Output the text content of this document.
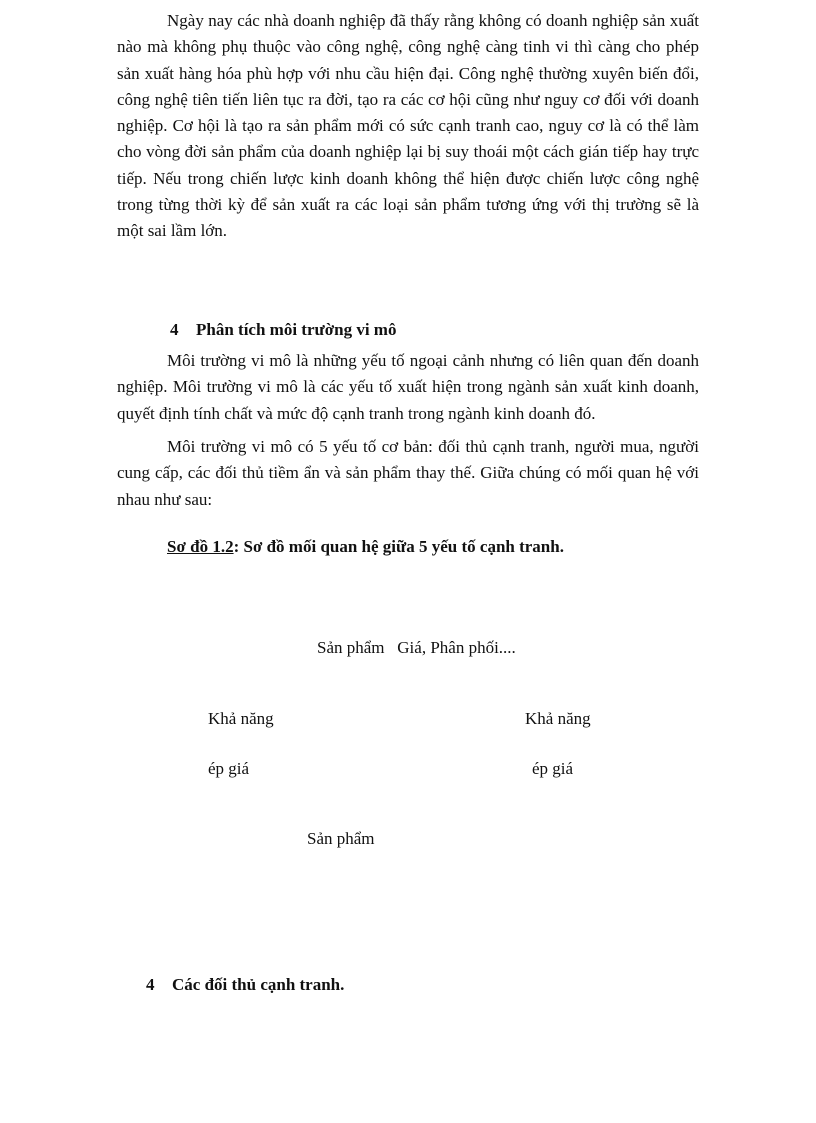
Ngày nay các nhà doanh nghiệp đã thấy rằng không có doanh nghiệp sản xuất nào mà không phụ thuộc vào công nghệ, công nghệ càng tinh vi thì càng cho phép sản xuất hàng hóa phù hợp với nhu cầu hiện đại. Công nghệ thường xuyên biến đổi, công nghệ tiên tiến liên tục ra đời, tạo ra các cơ hội cũng như nguy cơ đối với doanh nghiệp. Cơ hội là tạo ra sản phẩm mới có sức cạnh tranh cao, nguy cơ là có thể làm cho vòng đời sản phẩm của doanh nghiệp lại bị suy thoái một cách gián tiếp hay trực tiếp. Nếu trong chiến lược kinh doanh không thể hiện được chiến lược công nghệ trong từng thời kỳ để sản xuất ra các loại sản phẩm tương ứng với thị trường sẽ là một sai lầm lớn.

4 Phân tích môi trường vi mô

Môi trường vi mô là những yếu tố ngoại cảnh nhưng có liên quan đến doanh nghiệp. Môi trường vi mô là các yếu tố xuất hiện trong ngành sản xuất kinh doanh, quyết định tính chất và mức độ cạnh tranh trong ngành kinh doanh đó.

Môi trường vi mô có 5 yếu tố cơ bản: đối thủ cạnh tranh, người mua, người cung cấp, các đối thủ tiềm ẩn và sản phẩm thay thế. Giữa chúng có mối quan hệ với nhau như sau:

Sơ đồ 1.2: Sơ đồ mối quan hệ giữa 5 yếu tố cạnh tranh.

Sản phẩm   Giá, Phân phối....
Khả năng	Khả năng
ép giá	ép giá
Sản phẩm

4 Các đối thủ cạnh tranh.
